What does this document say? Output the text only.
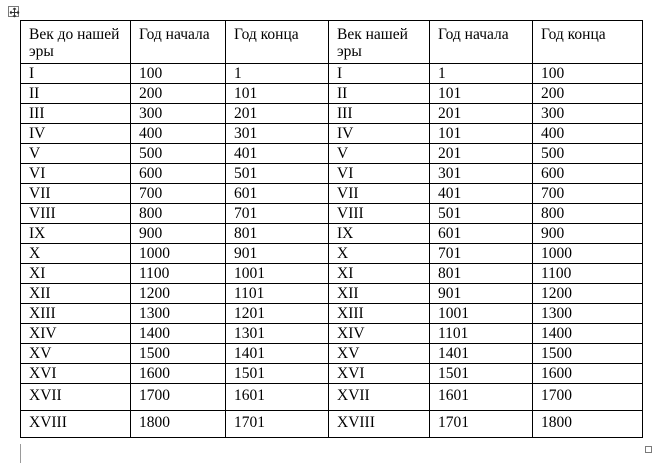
Век до нашей эры	Год начала	Год конца	Век нашей эры	Год начала	Год конца
I	100	1	I	1	100
II	200	101	II	101	200
III	300	201	III	201	300
IV	400	301	IV	101	400
V	500	401	V	201	500
VI	600	501	VI	301	600
VII	700	601	VII	401	700
VIII	800	701	VIII	501	800
IX	900	801	IX	601	900
X	1000	901	X	701	1000
XI	1100	1001	XI	801	1100
XII	1200	1101	XII	901	1200
XIII	1300	1201	XIII	1001	1300
XIV	1400	1301	XIV	1101	1400
XV	1500	1401	XV	1401	1500
XVI	1600	1501	XVI	1501	1600
XVII	1700	1601	XVII	1601	1700
XVIII	1800	1701	XVIII	1701	1800
